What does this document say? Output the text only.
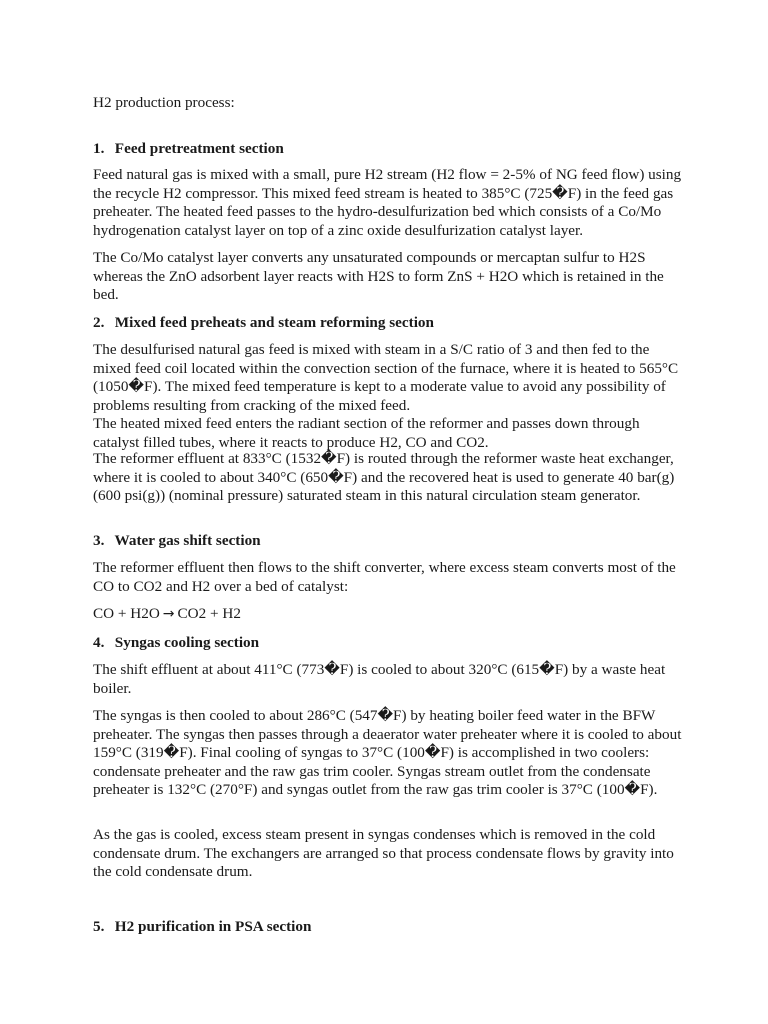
H2 production process:

1. Feed pretreatment section

Feed natural gas is mixed with a small, pure H2 stream (H2 flow = 2-5% of NG feed flow) using the recycle H2 compressor. This mixed feed stream is heated to 385°C (725�F) in the feed gas preheater. The heated feed passes to the hydro-desulfurization bed which consists of a Co/Mo hydrogenation catalyst layer on top of a zinc oxide desulfurization catalyst layer.

The Co/Mo catalyst layer converts any unsaturated compounds or mercaptan sulfur to H2S whereas the ZnO adsorbent layer reacts with H2S to form ZnS + H2O which is retained in the bed.

2. Mixed feed preheats and steam reforming section

The desulfurised natural gas feed is mixed with steam in a S/C ratio of 3 and then fed to the mixed feed coil located within the convection section of the furnace, where it is heated to 565°C (1050�F). The mixed feed temperature is kept to a moderate value to avoid any possibility of problems resulting from cracking of the mixed feed.

The heated mixed feed enters the radiant section of the reformer and passes down through catalyst filled tubes, where it reacts to produce H2, CO and CO2.

The reformer effluent at 833°C (1532�F) is routed through the reformer waste heat exchanger, where it is cooled to about 340°C (650�F) and the recovered heat is used to generate 40 bar(g) (600 psi(g)) (nominal pressure) saturated steam in this natural circulation steam generator.

3. Water gas shift section

The reformer effluent then flows to the shift converter, where excess steam converts most of the CO to CO2 and H2 over a bed of catalyst:

CO + H2O → CO2 + H2

4. Syngas cooling section

The shift effluent at about 411°C (773�F) is cooled to about 320°C (615�F) by a waste heat boiler.

The syngas is then cooled to about 286°C (547�F) by heating boiler feed water in the BFW preheater. The syngas then passes through a deaerator water preheater where it is cooled to about 159°C (319�F). Final cooling of syngas to 37°C (100�F) is accomplished in two coolers: condensate preheater and the raw gas trim cooler. Syngas stream outlet from the condensate preheater is 132°C (270°F) and syngas outlet from the raw gas trim cooler is 37°C (100�F).

As the gas is cooled, excess steam present in syngas condenses which is removed in the cold condensate drum. The exchangers are arranged so that process condensate flows by gravity into the cold condensate drum.

5. H2 purification in PSA section
